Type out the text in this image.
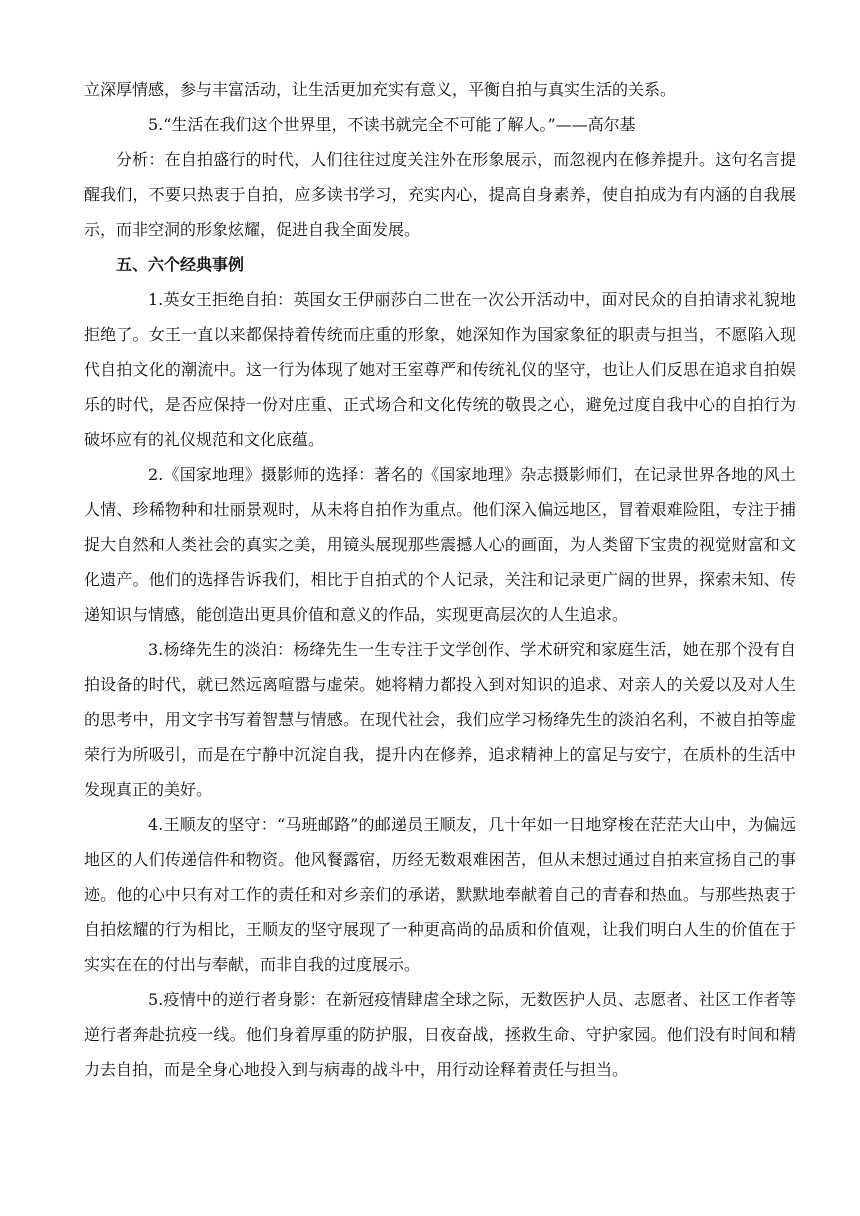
立深厚情感，参与丰富活动，让生活更加充实有意义，平衡自拍与真实生活的关系。

5.“生活在我们这个世界里，不读书就完全不可能了解人。”——高尔基

分析：在自拍盛行的时代，人们往往过度关注外在形象展示，而忽视内在修养提升。这句名言提醒我们，不要只热衷于自拍，应多读书学习，充实内心，提高自身素养，使自拍成为有内涵的自我展示，而非空洞的形象炫耀，促进自我全面发展。

五、六个经典事例

1.英女王拒绝自拍：英国女王伊丽莎白二世在一次公开活动中，面对民众的自拍请求礼貌地拒绝了。女王一直以来都保持着传统而庄重的形象，她深知作为国家象征的职责与担当，不愿陷入现代自拍文化的潮流中。这一行为体现了她对王室尊严和传统礼仪的坚守，也让人们反思在追求自拍娱乐的时代，是否应保持一份对庄重、正式场合和文化传统的敬畏之心，避免过度自我中心的自拍行为破坏应有的礼仪规范和文化底蕴。

2.《国家地理》摄影师的选择：著名的《国家地理》杂志摄影师们，在记录世界各地的风土人情、珍稀物种和壮丽景观时，从未将自拍作为重点。他们深入偏远地区，冒着艰难险阻，专注于捕捉大自然和人类社会的真实之美，用镜头展现那些震撼人心的画面，为人类留下宝贵的视觉财富和文化遗产。他们的选择告诉我们，相比于自拍式的个人记录，关注和记录更广阔的世界，探索未知、传递知识与情感，能创造出更具价值和意义的作品，实现更高层次的人生追求。

3.杨绛先生的淡泊：杨绛先生一生专注于文学创作、学术研究和家庭生活，她在那个没有自拍设备的时代，就已然远离喧嚣与虚荣。她将精力都投入到对知识的追求、对亲人的关爱以及对人生的思考中，用文字书写着智慧与情感。在现代社会，我们应学习杨绛先生的淡泊名利，不被自拍等虚荣行为所吸引，而是在宁静中沉淀自我，提升内在修养，追求精神上的富足与安宁，在质朴的生活中发现真正的美好。

4.王顺友的坚守：“马班邮路”的邮递员王顺友，几十年如一日地穿梭在茫茫大山中，为偏远地区的人们传递信件和物资。他风餐露宿，历经无数艰难困苦，但从未想过通过自拍来宣扬自己的事迹。他的心中只有对工作的责任和对乡亲们的承诺，默默地奉献着自己的青春和热血。与那些热衷于自拍炫耀的行为相比，王顺友的坚守展现了一种更高尚的品质和价值观，让我们明白人生的价值在于实实在在的付出与奉献，而非自我的过度展示。

5.疫情中的逆行者身影：在新冠疫情肆虐全球之际，无数医护人员、志愿者、社区工作者等逆行者奔赴抗疫一线。他们身着厚重的防护服，日夜奋战，拯救生命、守护家园。他们没有时间和精力去自拍，而是全身心地投入到与病毒的战斗中，用行动诠释着责任与担当。
